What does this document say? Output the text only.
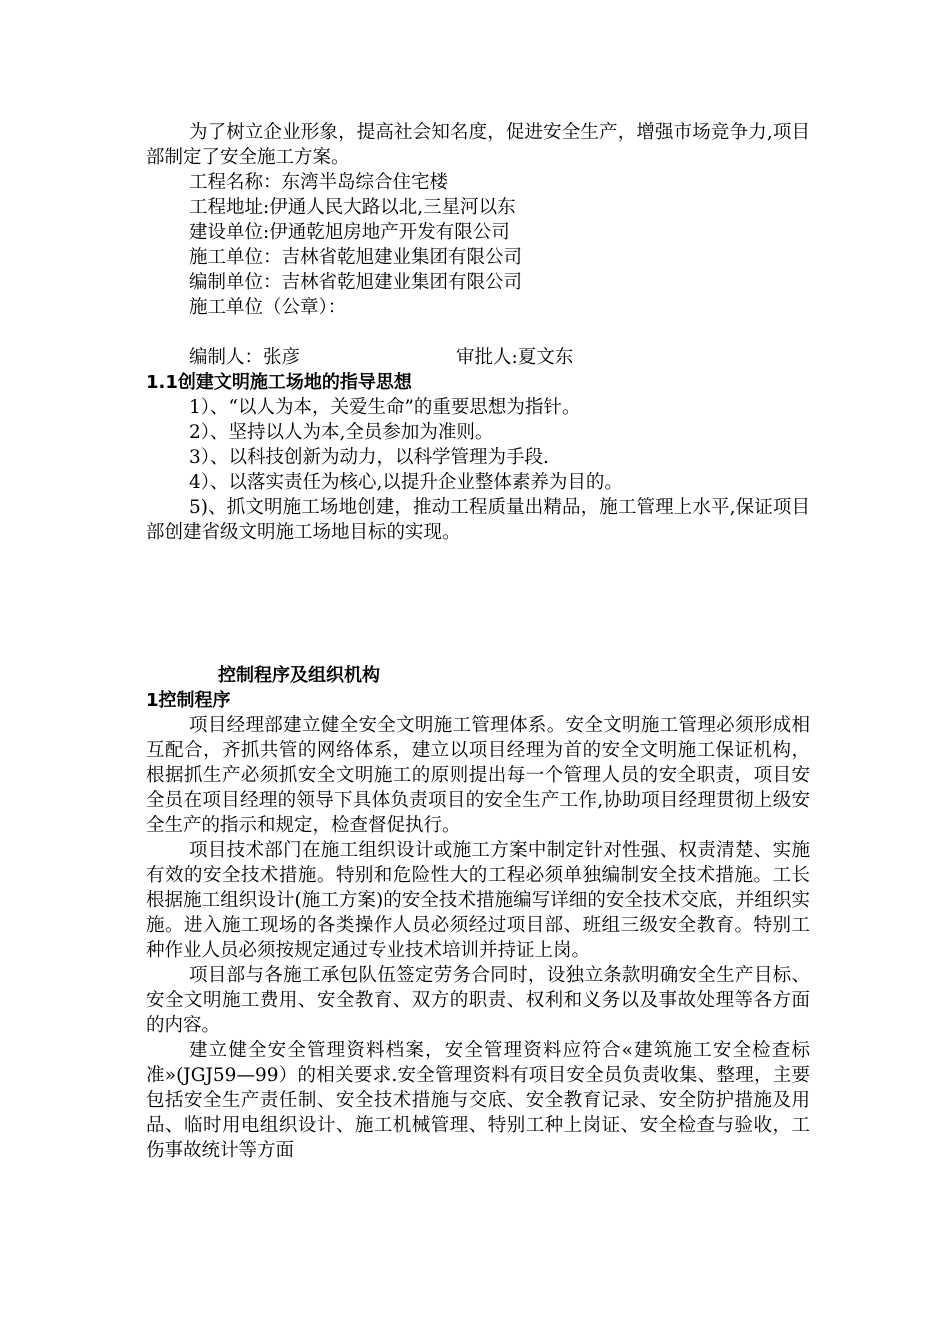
为了树立企业形象，提高社会知名度，促进安全生产，增强市场竞争力,项目部制定了安全施工方案。

工程名称：东湾半岛综合住宅楼

工程地址:伊通人民大路以北,三星河以东

建设单位:伊通乾旭房地产开发有限公司

施工单位：吉林省乾旭建业集团有限公司

编制单位：吉林省乾旭建业集团有限公司

施工单位（公章）：

编制人：张彦	审批人:夏文东

1.1创建文明施工场地的指导思想

1）、“以人为本，关爱生命”的重要思想为指针。

2）、坚持以人为本,全员参加为准则。

3）、以科技创新为动力，以科学管理为手段.

4）、以落实责任为核心,以提升企业整体素养为目的。

5)、抓文明施工场地创建，推动工程质量出精品，施工管理上水平,保证项目部创建省级文明施工场地目标的实现。

控制程序及组织机构

1控制程序

项目经理部建立健全安全文明施工管理体系。安全文明施工管理必须形成相互配合，齐抓共管的网络体系，建立以项目经理为首的安全文明施工保证机构，根据抓生产必须抓安全文明施工的原则提出每一个管理人员的安全职责，项目安全员在项目经理的领导下具体负责项目的安全生产工作,协助项目经理贯彻上级安全生产的指示和规定，检查督促执行。

项目技术部门在施工组织设计或施工方案中制定针对性强、权责清楚、实施有效的安全技术措施。特别和危险性大的工程必须单独编制安全技术措施。工长根据施工组织设计(施工方案)的安全技术措施编写详细的安全技术交底，并组织实施。进入施工现场的各类操作人员必须经过项目部、班组三级安全教育。特别工种作业人员必须按规定通过专业技术培训并持证上岗。

项目部与各施工承包队伍签定劳务合同时，设独立条款明确安全生产目标、安全文明施工费用、安全教育、双方的职责、权利和义务以及事故处理等各方面的内容。

建立健全安全管理资料档案，安全管理资料应符合«建筑施工安全检查标准»(JGJ59—99）的相关要求.安全管理资料有项目安全员负责收集、整理，主要包括安全生产责任制、安全技术措施与交底、安全教育记录、安全防护措施及用品、临时用电组织设计、施工机械管理、特别工种上岗证、安全检查与验收，工伤事故统计等方面
